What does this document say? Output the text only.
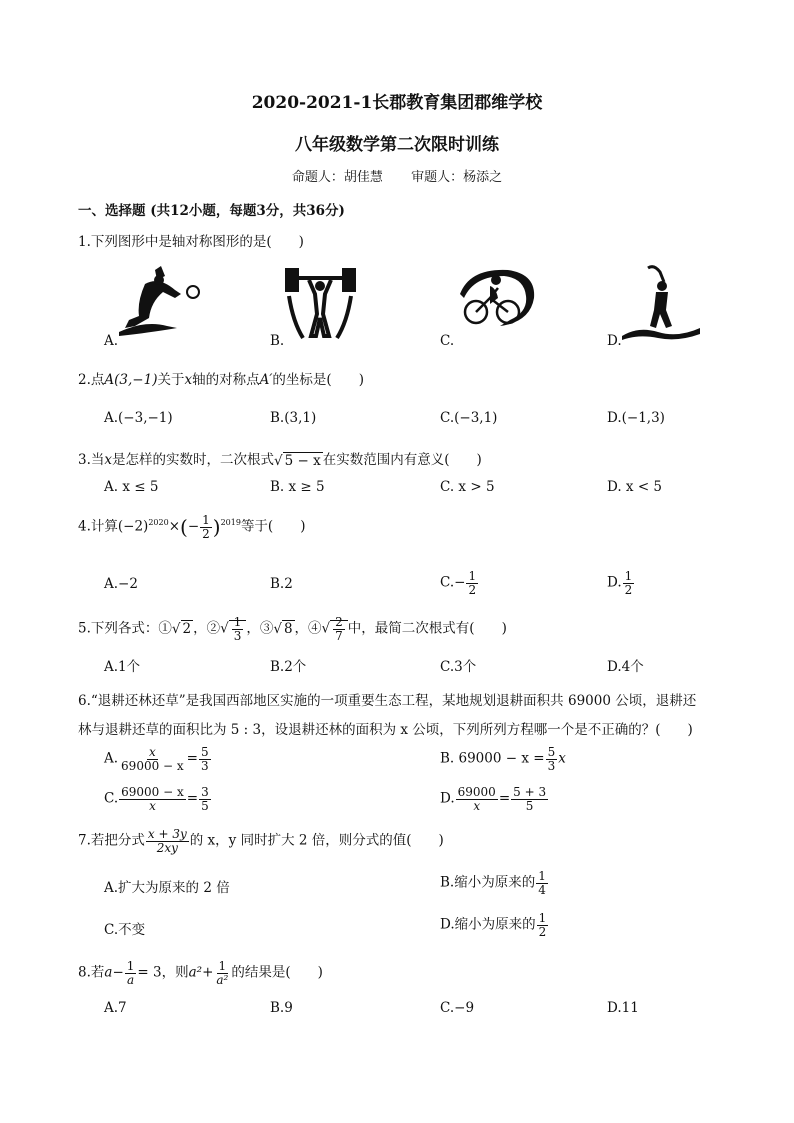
2020-2021-1长郡教育集团郡维学校
八年级数学第二次限时训练
命题人：胡佳慧 审题人：杨添之
一、选择题 (共12小题，每题3分，共36分)
1.下列图形中是轴对称图形的是(　　)
A.	B.	C.	D.
2.点A(3,−1)关于x轴的对称点A′的坐标是(　　)
A.(−3,−1)	B.(3,1)	C.(−3,1)	D.(−1,3)
3.当x是怎样的实数时，二次根式√ 5 − x 在实数范围内有意义(　　)
A. x ≤ 5	B. x ≥ 5	C. x > 5	D. x < 5
4.计算$(-2)^{2020}\times(- \frac{1}{2} )^{2019}$等于(　　)
A.−2	B.2	$C.- \frac{1}{2}$	D. $\frac{1}{2}$
5.下列各式：①√ 2 ，②√ $\frac{1}{3}$ ，③√ 8 ，④√ $\frac{2}{7}$ 中，最简二次根式有(　　)
A.1个	B.2个	C.3个	D.4个
6.“退耕还林还草”是我国西部地区实施的一项重要生态工程，某地规划退耕面积共 69000 公顷，退耕还
林与退耕还草的面积比为 5 : 3，设退耕还林的面积为 x 公顷，下列所列方程哪一个是不正确的？(　　)
A. $\frac{x}{69000 - x} = \frac{5}{3}$	B. $69000 - x = \frac{5}{3}$ x
C. $\frac{69000 - x}{x} = \frac{3}{5}$	D. $\frac{69000}{x} = \frac{5 + 3}{5}$
7.若把分式 $\frac{x + 3y}{2xy}$ 的 x，y 同时扩大 2 倍，则分式的值(　　)
A.扩大为原来的 2 倍	B.缩小为原来的 $\frac{1}{4}$
C.不变	D.缩小为原来的 $\frac{1}{2}$
8.若$a- \frac{1}{a} = 3$，则$a^2+ \frac{1}{\text{a²}}$ 的结果是(　　)
A.7	B.9	C.−9	D.11
